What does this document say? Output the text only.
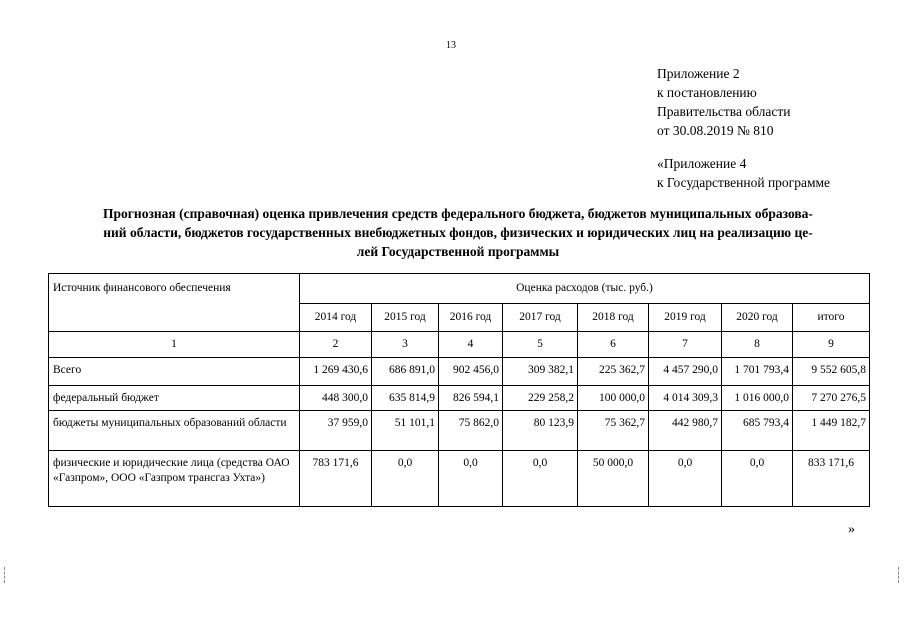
13
Приложение 2
к постановлению
Правительства области
от 30.08.2019 № 810
«Приложение 4
к Государственной программе
Прогнозная (справочная) оценка привлечения средств федерального бюджета, бюджетов муниципальных образова-
ний области, бюджетов государственных внебюджетных фондов, физических и юридических лиц на реализацию це-
лей Государственной программы
Источник финансового обеспечения	Оценка расходов (тыс. руб.)							
	2014 год	2015 год	2016 год	2017 год	2018 год	2019 год	2020 год	итого
1	2	3	4	5	6	7	8	9
Всего	1 269 430,6	686 891,0	902 456,0	309 382,1	225 362,7	4 457 290,0	1 701 793,4	9 552 605,8
федеральный бюджет	448 300,0	635 814,9	826 594,1	229 258,2	100 000,0	4 014 309,3	1 016 000,0	7 270 276,5
бюджеты муниципальных образований области	37 959,0	51 101,1	75 862,0	80 123,9	75 362,7	442 980,7	685 793,4	1 449 182,7
физические и юридические лица (средства ОАО «Газпром», ООО «Газпром трансгаз Ухта»)	783 171,6	0,0	0,0	0,0	50 000,0	0,0	0,0	833 171,6
»
